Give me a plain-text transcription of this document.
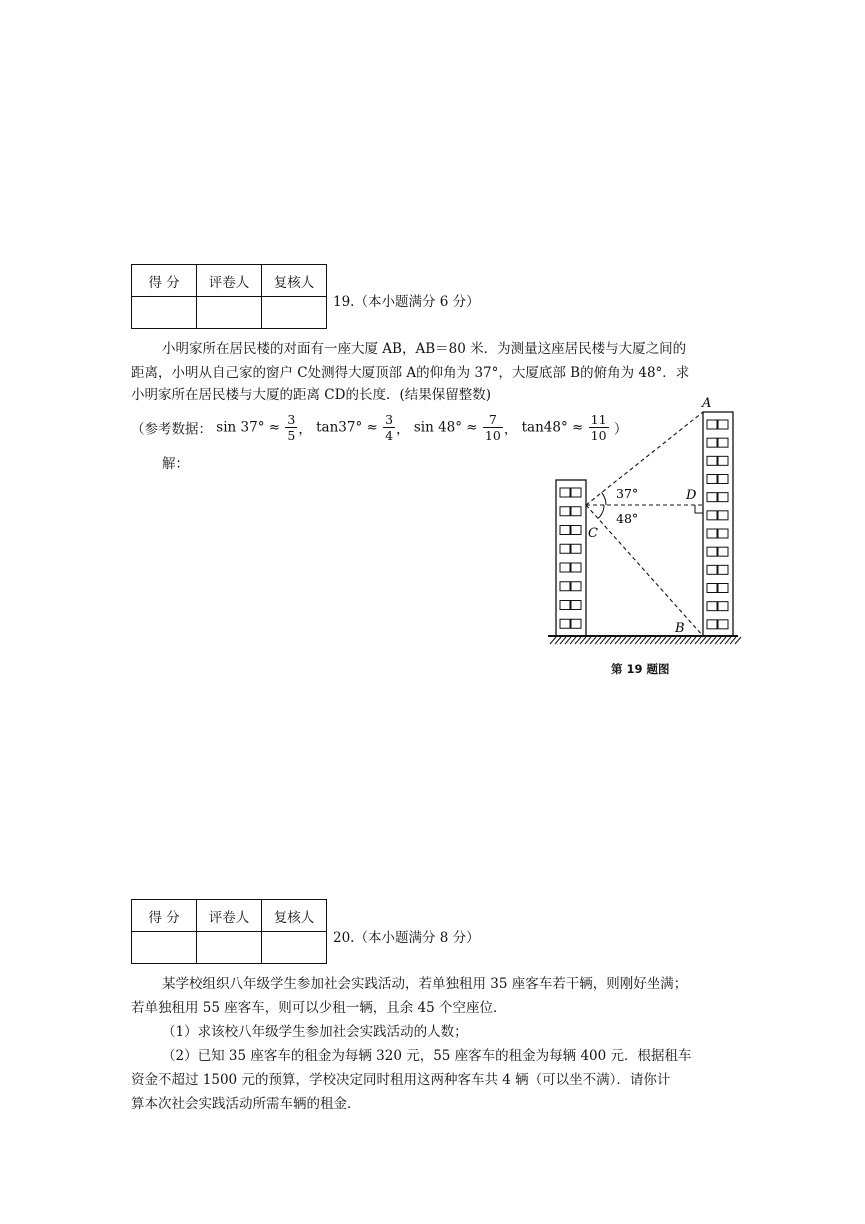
得 分	评卷人	复核人

19.（本小题满分 6 分）
小明家所在居民楼的对面有一座大厦 AB，AB＝80 米．为测量这座居民楼与大厦之间的
距离，小明从自己家的窗户 C处测得大厦顶部 A的仰角为 37°，大厦底部 B的俯角为 48°．求
小明家所在居民楼与大厦的距离 CD的长度．(结果保留整数)
（参考数据： $\sin 37^\circ \approx \frac{3}{5}$ ， $\tan 37^\circ \approx \frac{3}{4}$ ， $\sin 48^\circ \approx \frac{7}{10}$ ， $\tan 48^\circ \approx \frac{11}{10}$ ）
解：
A
B
C
D
37°
48°
第 19 题图
得 分	评卷人	复核人

20.（本小题满分 8 分）
某学校组织八年级学生参加社会实践活动，若单独租用 35 座客车若干辆，则刚好坐满；
若单独租用 55 座客车，则可以少租一辆，且余 45 个空座位．
（1）求该校八年级学生参加社会实践活动的人数；
（2）已知 35 座客车的租金为每辆 320 元，55 座客车的租金为每辆 400 元．根据租车
资金不超过 1500 元的预算，学校决定同时租用这两种客车共 4 辆（可以坐不满）．请你计
算本次社会实践活动所需车辆的租金．
